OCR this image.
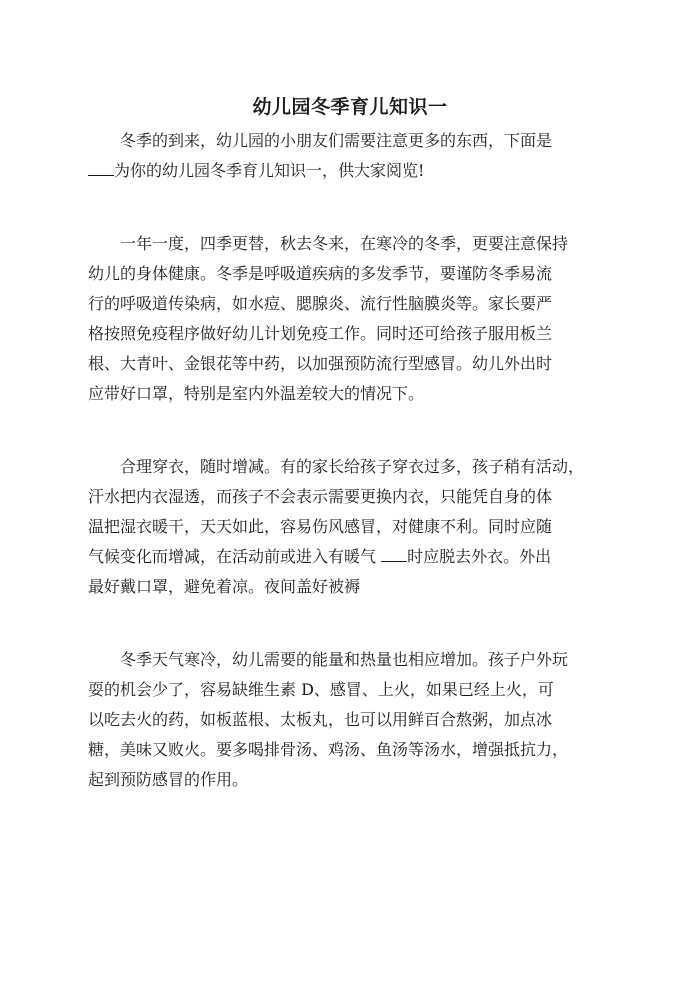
幼儿园冬季育儿知识一
冬季的到来，幼儿园的小朋友们需要注意更多的东西，下面是
为你的幼儿园冬季育儿知识一，供大家阅览!
一年一度，四季更替，秋去冬来，在寒冷的冬季，更要注意保持
幼儿的身体健康。冬季是呼吸道疾病的多发季节，要谨防冬季易流
行的呼吸道传染病，如水痘、腮腺炎、流行性脑膜炎等。家长要严
格按照免疫程序做好幼儿计划免疫工作。同时还可给孩子服用板兰
根、大青叶、金银花等中药，以加强预防流行型感冒。幼儿外出时
应带好口罩，特别是室内外温差较大的情况下。
合理穿衣，随时增减。有的家长给孩子穿衣过多，孩子稍有活动，
汗水把内衣湿透，而孩子不会表示需要更换内衣，只能凭自身的体
温把湿衣暖干，天天如此，容易伤风感冒，对健康不利。同时应随
气候变化而增减，在活动前或进入有暖气 时应脱去外衣。外出
最好戴口罩，避免着凉。夜间盖好被褥
冬季天气寒冷，幼儿需要的能量和热量也相应增加。孩子户外玩
耍的机会少了，容易缺维生素 D、感冒、上火，如果已经上火，可
以吃去火的药，如板蓝根、太板丸，也可以用鲜百合熬粥，加点冰
糖，美味又败火。要多喝排骨汤、鸡汤、鱼汤等汤水，增强抵抗力，
起到预防感冒的作用。
